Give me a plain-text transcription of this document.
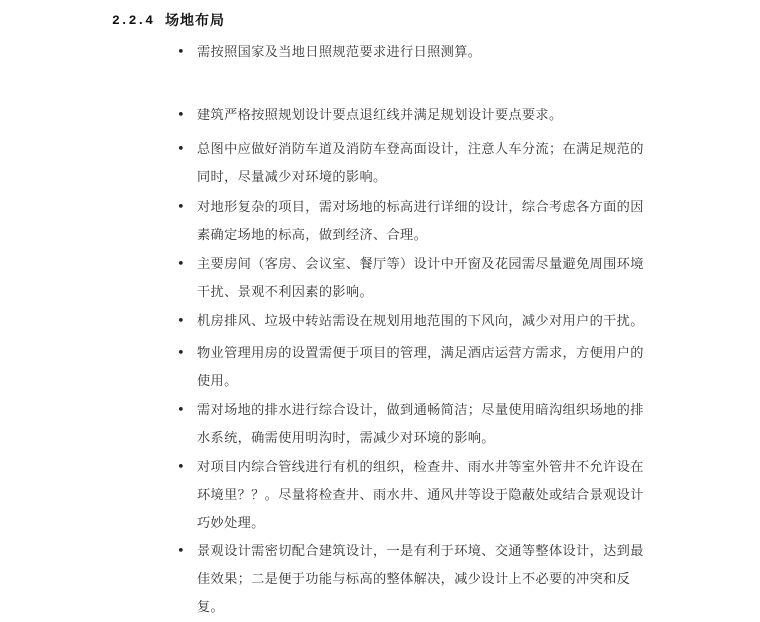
2.2.4 场地布局
• 需按照国家及当地日照规范要求进行日照测算。
• 建筑严格按照规划设计要点退红线并满足规划设计要点要求。
• 总图中应做好消防车道及消防车登高面设计，注意人车分流；在满足规范的同时，尽量减少对环境的影响。
• 对地形复杂的项目，需对场地的标高进行详细的设计，综合考虑各方面的因素确定场地的标高，做到经济、合理。
• 主要房间（客房、会议室、餐厅等）设计中开窗及花园需尽量避免周围环境干扰、景观不利因素的影响。
• 机房排风、垃圾中转站需设在规划用地范围的下风向，减少对用户的干扰。
• 物业管理用房的设置需便于项目的管理，满足酒店运营方需求，方便用户的使用。
• 需对场地的排水进行综合设计，做到通畅简洁；尽量使用暗沟组织场地的排水系统，确需使用明沟时，需减少对环境的影响。
• 对项目内综合管线进行有机的组织，检查井、雨水井等室外管井不允许设在环境里？？。尽量将检查井、雨水井、通风井等设于隐蔽处或结合景观设计巧妙处理。
• 景观设计需密切配合建筑设计，一是有利于环境、交通等整体设计，达到最佳效果；二是便于功能与标高的整体解决，减少设计上不必要的冲突和反复。
